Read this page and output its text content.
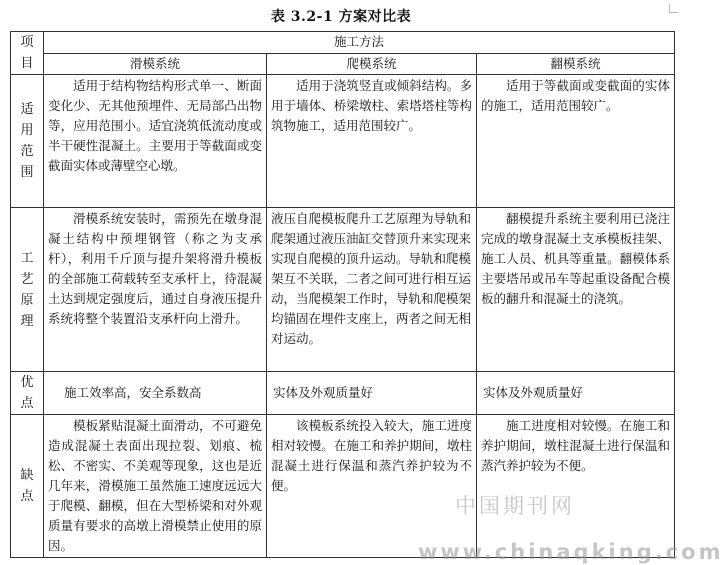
表 3.2-1 方案对比表
项目	施工方法		
	滑模系统	爬模系统	翻模系统
适用范围	适用于结构物结构形式单一、断面变化少、无其他预埋件、无局部凸出物等，应用范围小。适宜浇筑低流动度或半干硬性混凝土。主要用于等截面或变截面实体或薄壁空心墩。	适用于浇筑竖直或倾斜结构。多用于墙体、桥梁墩柱、索塔塔柱等构筑物施工，适用范围较广。	适用于等截面或变截面的实体的施工，适用范围较广。
工艺原理	滑模系统安装时，需预先在墩身混凝土结构中预埋钢管（称之为支承杆），利用千斤顶与提升架将滑升模板的全部施工荷载转至支承杆上，待混凝土达到规定强度后，通过自身液压提升系统将整个装置沿支承杆向上滑升。	液压自爬模板爬升工艺原理为导轨和爬架通过液压油缸交替顶升来实现来实现自爬模的顶升运动。导轨和爬模架互不关联，二者之间可进行相互运动，当爬模架工作时，导轨和爬模架均锚固在埋件支座上，两者之间无相对运动。	翻模提升系统主要利用已浇注完成的墩身混凝土支承模板挂架、施工人员、机具等重量。翻模体系主要塔吊或吊车等起重设备配合模板的翻升和混凝土的浇筑。
优点	施工效率高，安全系数高	实体及外观质量好	实体及外观质量好
缺点	模板紧贴混凝土面滑动，不可避免造成混凝土表面出现拉裂、划痕、梳松、不密实、不美观等现象，这也是近几年来，滑模施工虽然施工速度远远大于爬模、翻模，但在大型桥梁和对外观质量有要求的高墩上滑模禁止使用的原因。	该模板系统投入较大，施工进度相对较慢。在施工和养护期间，墩柱混凝土进行保温和蒸汽养护较为不便。	施工进度相对较慢。在施工和养护期间，墩柱混凝土进行保温和蒸汽养护较为不便。
中国期刊网
www.chinaqking.com
